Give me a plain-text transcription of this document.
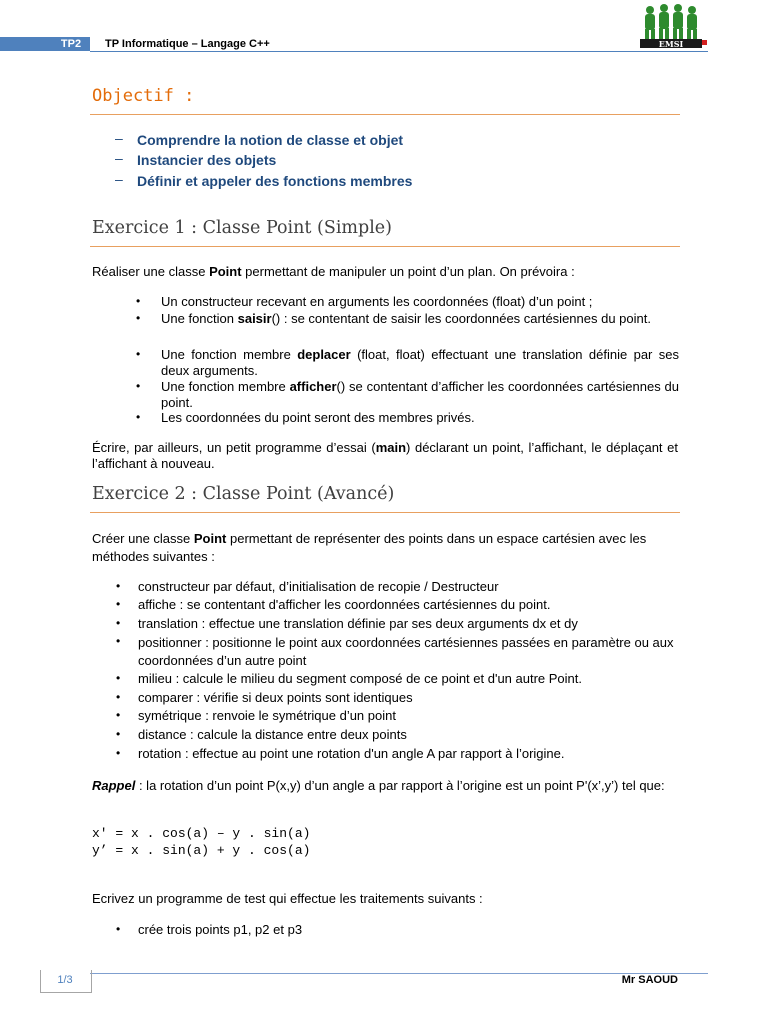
TP2	TP Informatique – Langage C++	EMSI
Objectif :
– Comprendre la notion de classe et objet
– Instancier des objets
– Définir et appeler des fonctions membres
Exercice 1 : Classe Point (Simple)
Réaliser une classe Point permettant de manipuler un point d’un plan. On prévoira :
• Un constructeur recevant en arguments les coordonnées (float) d’un point ;
• Une fonction saisir() : se contentant de saisir les coordonnées cartésiennes du point.
• Une fonction membre deplacer (float, float) effectuant une translation définie par ses deux arguments.
• Une fonction membre afficher() se contentant d’afficher les coordonnées cartésiennes du point.
• Les coordonnées du point seront des membres privés.
Écrire, par ailleurs, un petit programme d’essai (main) déclarant un point, l’affichant, le déplaçant et l’affichant à nouveau.
Exercice 2 : Classe Point (Avancé)
Créer une classe Point permettant de représenter des points dans un espace cartésien avec les méthodes suivantes :
• constructeur par défaut, d’initialisation de recopie / Destructeur
• affiche : se contentant d'afficher les coordonnées cartésiennes du point.
• translation : effectue une translation définie par ses deux arguments dx et dy
• positionner : positionne le point aux coordonnées cartésiennes passées en paramètre ou aux coordonnées d’un autre point
• milieu : calcule le milieu du segment composé de ce point et d'un autre Point.
• comparer : vérifie si deux points sont identiques
• symétrique : renvoie le symétrique d’un point
• distance : calcule la distance entre deux points
• rotation : effectue au point une rotation d'un angle A par rapport à l’origine.
Rappel : la rotation d’un point P(x,y) d’un angle a par rapport à l’origine est un point P'(x’,y’) tel que:
x' = x . cos(a) – y . sin(a)
y’ = x . sin(a) + y . cos(a)
Ecrivez un programme de test qui effectue les traitements suivants :
• crée trois points p1, p2 et p3
1/3	Mr SAOUD
